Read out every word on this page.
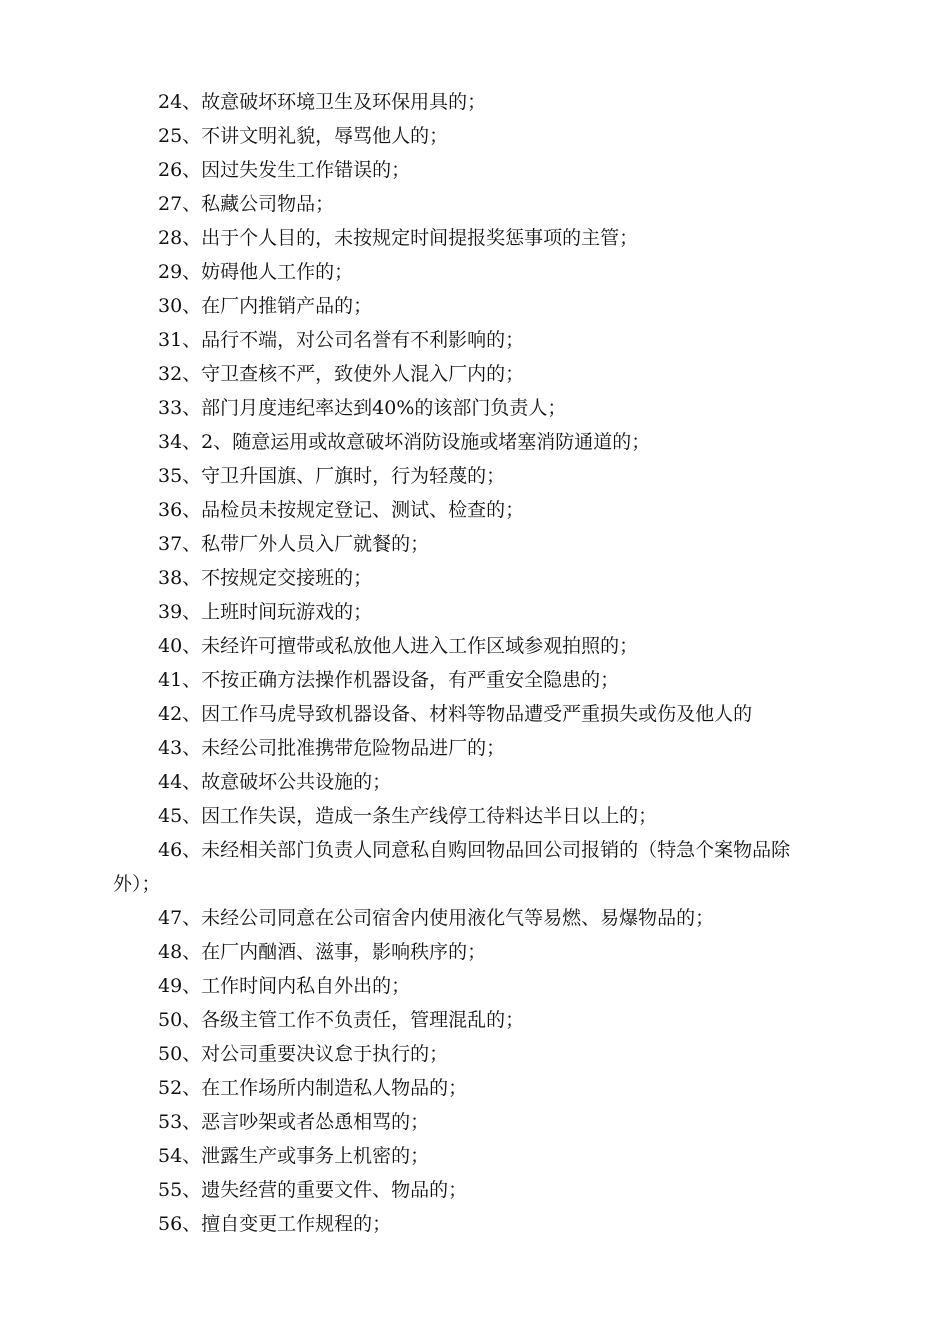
24、故意破坏环境卫生及环保用具的；

25、不讲文明礼貌，辱骂他人的；

26、因过失发生工作错误的；

27、私藏公司物品；

28、出于个人目的，未按规定时间提报奖惩事项的主管；

29、妨碍他人工作的；

30、在厂内推销产品的；

31、品行不端，对公司名誉有不利影响的；

32、守卫查核不严，致使外人混入厂内的；

33、部门月度违纪率达到40%的该部门负责人；

34、2、随意运用或故意破坏消防设施或堵塞消防通道的；

35、守卫升国旗、厂旗时，行为轻蔑的；

36、品检员未按规定登记、测试、检查的；

37、私带厂外人员入厂就餐的；

38、不按规定交接班的；

39、上班时间玩游戏的；

40、未经许可擅带或私放他人进入工作区域参观拍照的；

41、不按正确方法操作机器设备，有严重安全隐患的；

42、因工作马虎导致机器设备、材料等物品遭受严重损失或伤及他人的

43、未经公司批准携带危险物品进厂的；

44、故意破坏公共设施的；

45、因工作失误，造成一条生产线停工待料达半日以上的；

46、未经相关部门负责人同意私自购回物品回公司报销的（特急个案物品除外）；

47、未经公司同意在公司宿舍内使用液化气等易燃、易爆物品的；

48、在厂内酗酒、滋事，影响秩序的；

49、工作时间内私自外出的；

50、各级主管工作不负责任，管理混乱的；

50、对公司重要决议怠于执行的；

52、在工作场所内制造私人物品的；

53、恶言吵架或者怂恿相骂的；

54、泄露生产或事务上机密的；

55、遗失经营的重要文件、物品的；

56、擅自变更工作规程的；
